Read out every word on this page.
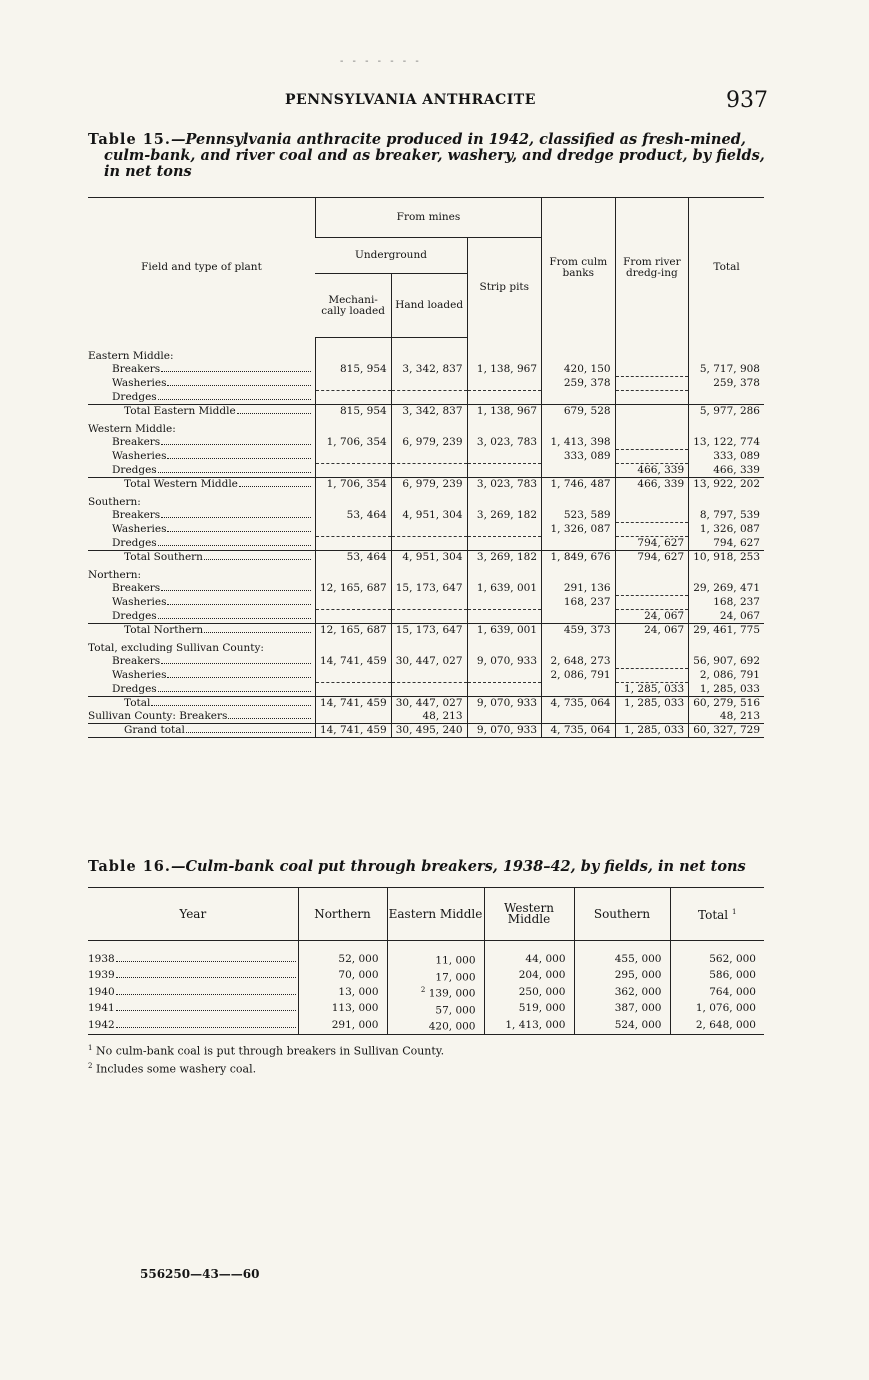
- - - - - - -
PENNSYLVANIA ANTHRACITE	937
Table 15.—Pennsylvania anthracite produced in 1942, classified as fresh-mined,
culm-bank, and river coal and as breaker, washery, and dredge product, by fields,
in net tons
Field and type of plant	From mines			From culm banks	From river dredg-ing	Total
	Underground		Strip pits			
	Mechani-cally loaded	Hand loaded				

Eastern Middle:						

Breakers	815, 954	3, 342, 837	1, 138, 967	420, 150		5, 717, 908

Washeries				259, 378		259, 378

Dredges						

Total Eastern Middle	815, 954	3, 342, 837	1, 138, 967	679, 528		5, 977, 286

Western Middle:						

Breakers	1, 706, 354	6, 979, 239	3, 023, 783	1, 413, 398		13, 122, 774

Washeries				333, 089		333, 089

Dredges					466, 339	466, 339

Total Western Middle	1, 706, 354	6, 979, 239	3, 023, 783	1, 746, 487	466, 339	13, 922, 202

Southern:						

Breakers	53, 464	4, 951, 304	3, 269, 182	523, 589		8, 797, 539

Washeries				1, 326, 087		1, 326, 087

Dredges					794, 627	794, 627

Total Southern	53, 464	4, 951, 304	3, 269, 182	1, 849, 676	794, 627	10, 918, 253

Northern:						

Breakers	12, 165, 687	15, 173, 647	1, 639, 001	291, 136		29, 269, 471

Washeries				168, 237		168, 237

Dredges					24, 067	24, 067

Total Northern	12, 165, 687	15, 173, 647	1, 639, 001	459, 373	24, 067	29, 461, 775

Total, excluding Sullivan County:						

Breakers	14, 741, 459	30, 447, 027	9, 070, 933	2, 648, 273		56, 907, 692

Washeries				2, 086, 791		2, 086, 791

Dredges					1, 285, 033	1, 285, 033

Total	14, 741, 459	30, 447, 027	9, 070, 933	4, 735, 064	1, 285, 033	60, 279, 516

Sullivan County: Breakers		48, 213				48, 213

Grand total	14, 741, 459	30, 495, 240	9, 070, 933	4, 735, 064	1, 285, 033	60, 327, 729
Table 16.—Culm-bank coal put through breakers, 1938–42, by fields, in net tons
Year	Northern	Eastern Middle	Western Middle	Southern	Total $^1$

1938	52, 000	11, 000	44, 000	455, 000	562, 000

1939	70, 000	17, 000	204, 000	295, 000	586, 000

1940	13, 000	$^2$ 139, 000	250, 000	362, 000	764, 000

1941	113, 000	57, 000	519, 000	387, 000	1, 076, 000

1942	291, 000	420, 000	1, 413, 000	524, 000	2, 648, 000
$^1$ No culm-bank coal is put through breakers in Sullivan County.
$^2$ Includes some washery coal.
556250—43——60
